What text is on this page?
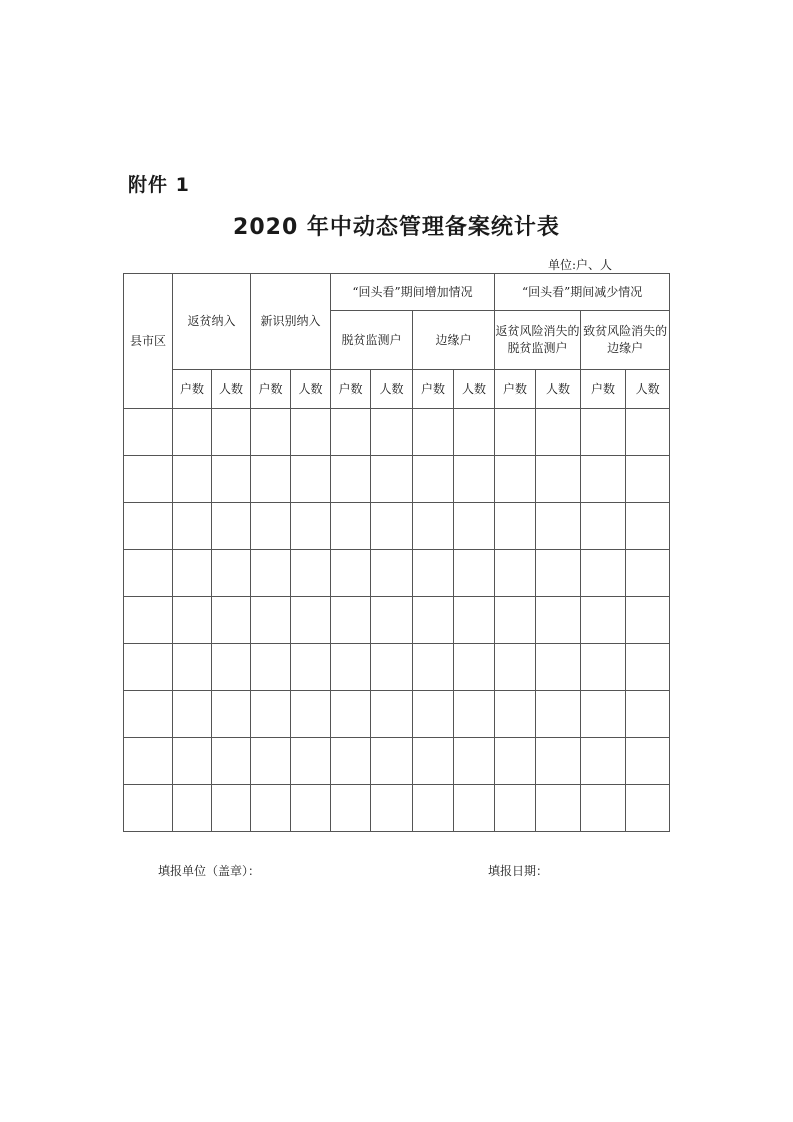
附件 1
2020 年中动态管理备案统计表
单位:户、人
县市区	返贫纳入		新识别纳入		“回头看”期间增加情况				“回头看”期间减少情况			
					脱贫监测户		边缘户		返贫风险消失的脱贫监测户		致贫风险消失的边缘户	
	户数	人数	户数	人数	户数	人数	户数	人数	户数	人数	户数	人数

填报单位（盖章）：	填报日期：
